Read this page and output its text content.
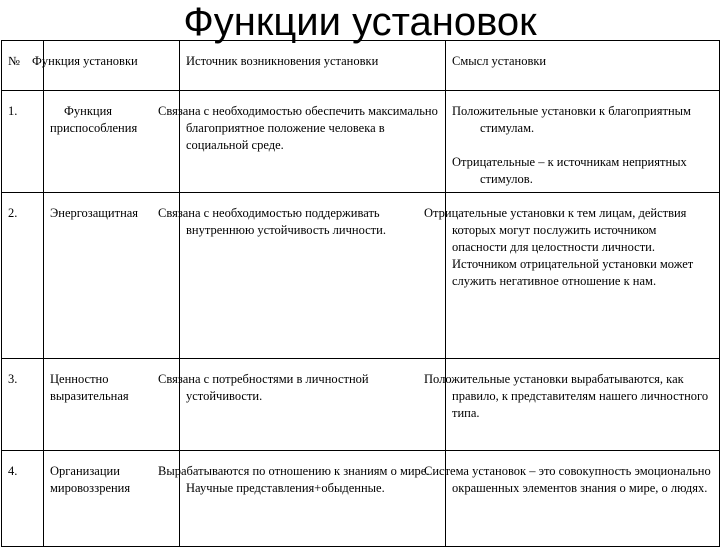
Функции установок
№	Функция установки	Источник возникновения установки	Смысл установки
1.	Функция приспособления	Связана с необходимостью обеспечить максимально благоприятное положение человека в социальной среде.	Положительные установки к благоприятным стимулам.
Отрицательные – к источникам неприятных стимулов.

2.	Энергозащитная	Связана с необходимостью поддерживать внутреннюю устойчивость личности.	Отрицательные установки к тем лицам, действия которых могут послужить источником опасности для целостности личности. Источником отрицательной установки может служить негативное отношение к нам.
3.	Ценностно выразительная	Связана с потребностями в личностной устойчивости.	Положительные установки вырабатываются, как правило, к представителям нашего личностного типа.
4.	Организации мировоззрения	Вырабатываются по отношению к знаниям о мире. Научные представления+обыденные.	Система установок – это совокупность эмоционально окрашенных элементов знания о мире, о людях.
